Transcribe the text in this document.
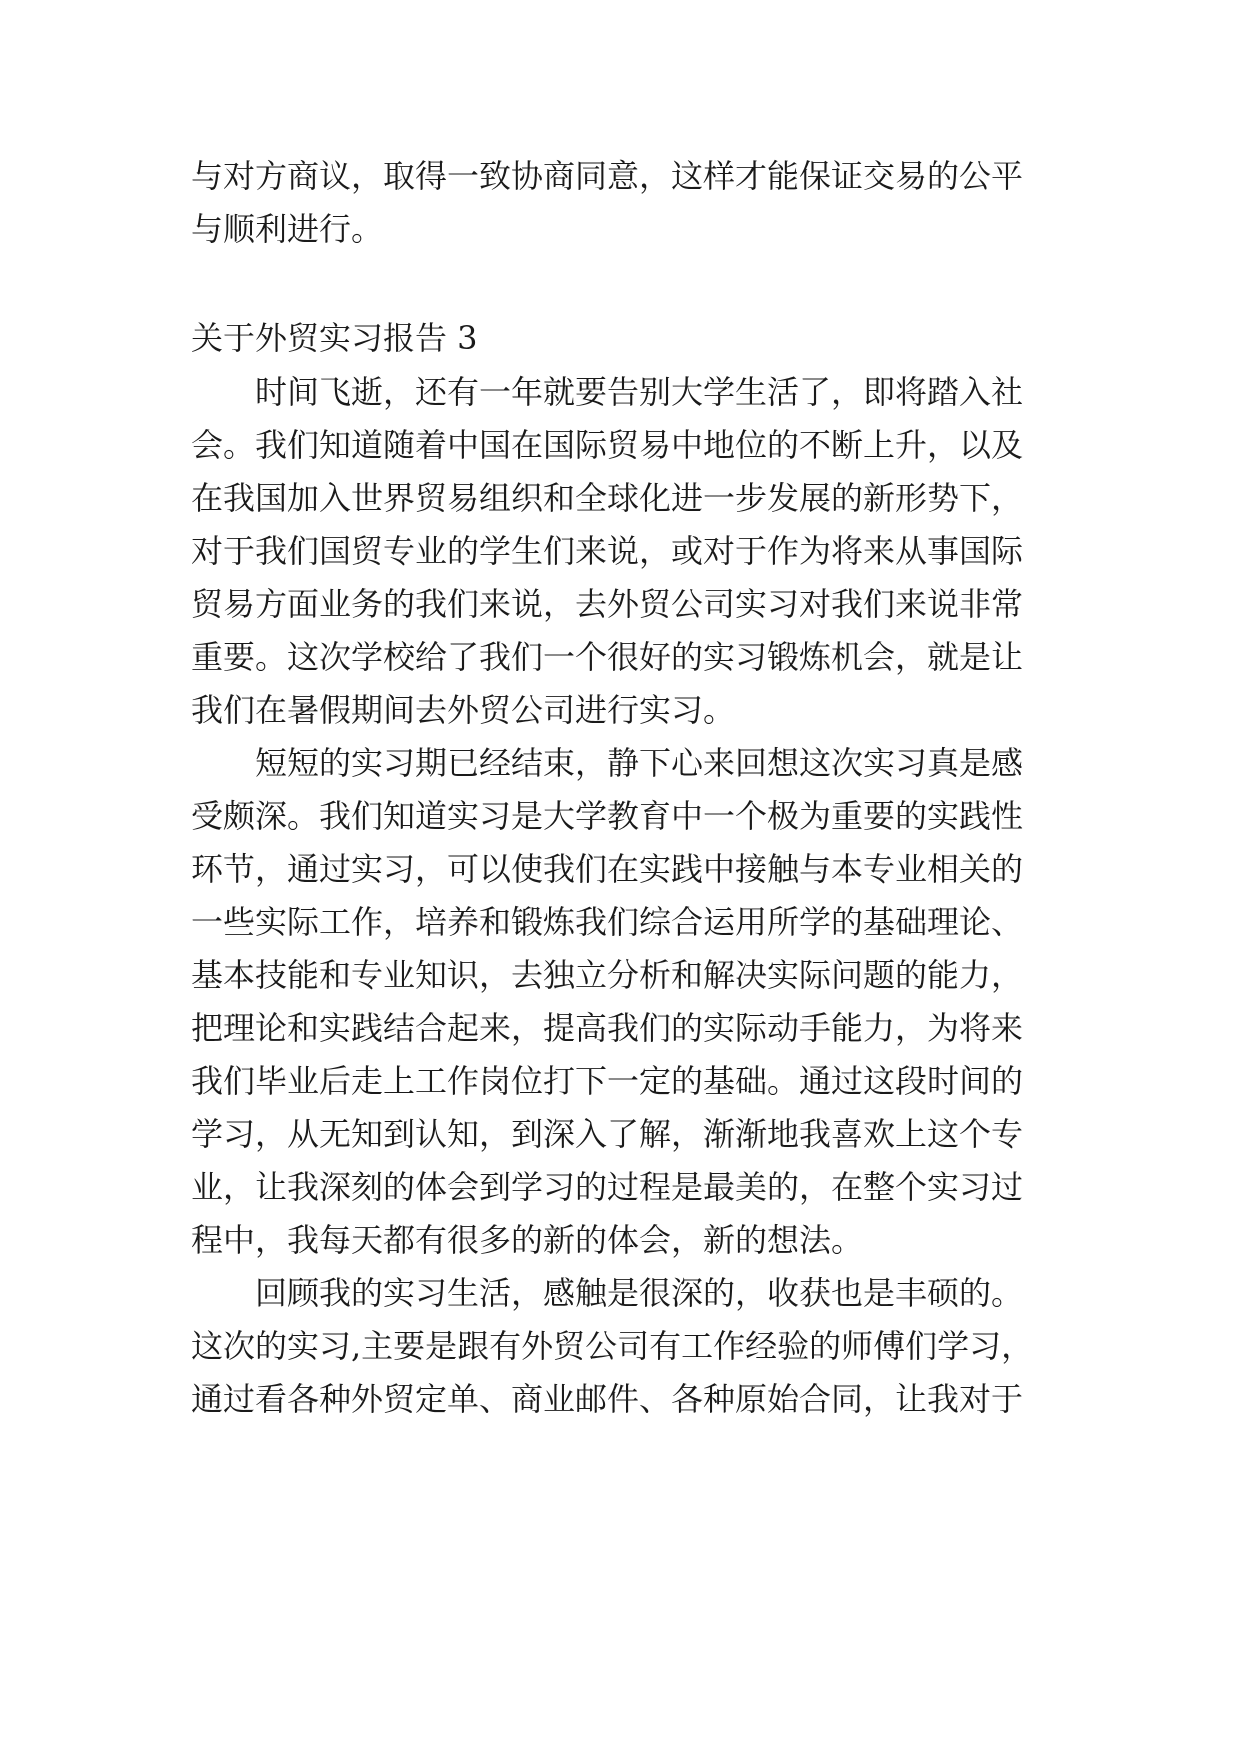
与对方商议，取得一致协商同意，这样才能保证交易的公平
与顺利进行。
关于外贸实习报告 3
　　时间飞逝，还有一年就要告别大学生活了，即将踏入社
会。我们知道随着中国在国际贸易中地位的不断上升，以及
在我国加入世界贸易组织和全球化进一步发展的新形势下，
对于我们国贸专业的学生们来说，或对于作为将来从事国际
贸易方面业务的我们来说，去外贸公司实习对我们来说非常
重要。这次学校给了我们一个很好的实习锻炼机会，就是让
我们在暑假期间去外贸公司进行实习。
　　短短的实习期已经结束，静下心来回想这次实习真是感
受颇深。我们知道实习是大学教育中一个极为重要的实践性
环节，通过实习，可以使我们在实践中接触与本专业相关的
一些实际工作，培养和锻炼我们综合运用所学的基础理论、
基本技能和专业知识，去独立分析和解决实际问题的能力，
把理论和实践结合起来，提高我们的实际动手能力，为将来
我们毕业后走上工作岗位打下一定的基础。通过这段时间的
学习，从无知到认知，到深入了解，渐渐地我喜欢上这个专
业，让我深刻的体会到学习的过程是最美的，在整个实习过
程中，我每天都有很多的新的体会，新的想法。
　　回顾我的实习生活，感触是很深的，收获也是丰硕的。
这次的实习,主要是跟有外贸公司有工作经验的师傅们学习，
通过看各种外贸定单、商业邮件、各种原始合同，让我对于
